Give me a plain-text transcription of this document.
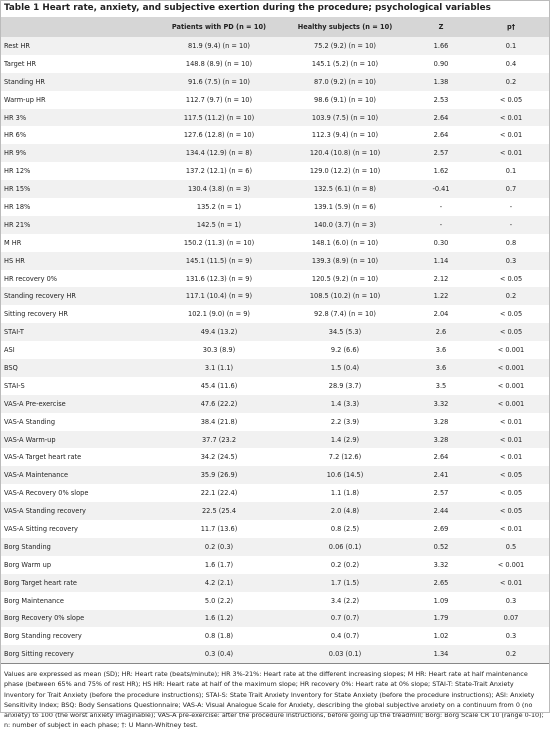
Table 1 Heart rate, anxiety, and subjective exertion during the procedure; psychological variables
	Patients with PD (n = 10)	Healthy subjects (n = 10)	Z	p†
Rest HR	81.9 (9.4) (n = 10)	75.2 (9.2) (n = 10)	1.66	0.1
Target HR	148.8 (8.9) (n = 10)	145.1 (5.2) (n = 10)	0.90	0.4
Standing HR	91.6 (7.5) (n = 10)	87.0 (9.2) (n = 10)	1.38	0.2
Warm-up HR	112.7 (9.7) (n = 10)	98.6 (9.1) (n = 10)	2.53	< 0.05
HR 3%	117.5 (11.2) (n = 10)	103.9 (7.5) (n = 10)	2.64	< 0.01
HR 6%	127.6 (12.8) (n = 10)	112.3 (9.4) (n = 10)	2.64	< 0.01
HR 9%	134.4 (12.9) (n = 8)	120.4 (10.8) (n = 10)	2.57	< 0.01
HR 12%	137.2 (12.1) (n = 6)	129.0 (12.2) (n = 10)	1.62	0.1
HR 15%	130.4 (3.8) (n = 3)	132.5 (6.1) (n = 8)	-0.41	0.7
HR 18%	135.2 (n = 1)	139.1 (5.9) (n = 6)	-	-
HR 21%	142.5 (n = 1)	140.0 (3.7) (n = 3)	-	-
M HR	150.2 (11.3) (n = 10)	148.1 (6.0) (n = 10)	0.30	0.8
HS HR	145.1 (11.5) (n = 9)	139.3 (8.9) (n = 10)	1.14	0.3
HR recovery 0%	131.6 (12.3) (n = 9)	120.5 (9.2) (n = 10)	2.12	< 0.05
Standing recovery HR	117.1 (10.4) (n = 9)	108.5 (10.2) (n = 10)	1.22	0.2
Sitting recovery HR	102.1 (9.0) (n = 9)	92.8 (7.4) (n = 10)	2.04	< 0.05
STAI-T	49.4 (13.2)	34.5 (5.3)	2.6	< 0.05
ASI	30.3 (8.9)	9.2 (6.6)	3.6	< 0.001
BSQ	3.1 (1.1)	1.5 (0.4)	3.6	< 0.001
STAI-S	45.4 (11.6)	28.9 (3.7)	3.5	< 0.001
VAS-A Pre-exercise	47.6 (22.2)	1.4 (3.3)	3.32	< 0.001
VAS-A Standing	38.4 (21.8)	2.2 (3.9)	3.28	< 0.01
VAS-A Warm-up	37.7 (23.2	1.4 (2.9)	3.28	< 0.01
VAS-A Target heart rate	34.2 (24.5)	7.2 (12.6)	2.64	< 0.01
VAS-A Maintenance	35.9 (26.9)	10.6 (14.5)	2.41	< 0.05
VAS-A Recovery 0% slope	22.1 (22.4)	1.1 (1.8)	2.57	< 0.05
VAS-A Standing recovery	22.5 (25.4	2.0 (4.8)	2.44	< 0.05
VAS-A Sitting recovery	11.7 (13.6)	0.8 (2.5)	2.69	< 0.01
Borg Standing	0.2 (0.3)	0.06 (0.1)	0.52	0.5
Borg Warm up	1.6 (1.7)	0.2 (0.2)	3.32	< 0.001
Borg Target heart rate	4.2 (2.1)	1.7 (1.5)	2.65	< 0.01
Borg Maintenance	5.0 (2.2)	3.4 (2.2)	1.09	0.3
Borg Recovery 0% slope	1.6 (1.2)	0.7 (0.7)	1.79	0.07
Borg Standing recovery	0.8 (1.8)	0.4 (0.7)	1.02	0.3
Borg Sitting recovery	0.3 (0.4)	0.03 (0.1)	1.34	0.2
Values are expressed as mean (SD); HR: Heart rate (beats/minute); HR 3%-21%: Heart rate at the different increasing slopes; M HR: Heart rate at half maintenance phase (between 65% and 75% of rest HR); HS HR: Heart rate at half of the maximum slope; HR recovery 0%: Heart rate at 0% slope; STAI-T: State-Trait Anxiety Inventory for Trait Anxiety (before the procedure instructions); STAI-S: State Trait Anxiety Inventory for State Anxiety (before the procedure instructions); ASI: Anxiety Sensitivity Index; BSQ: Body Sensations Questionnaire; VAS-A: Visual Analogue Scale for Anxiety, describing the global subjective anxiety on a continuum from 0 (no anxiety) to 100 (the worst anxiety imaginable); VAS-A pre-exercise: after the procedure instructions, before going up the treadmill; Borg: Borg Scale CR 10 (range 0-10); n: number of subject in each phase; †: U Mann-Whitney test.
